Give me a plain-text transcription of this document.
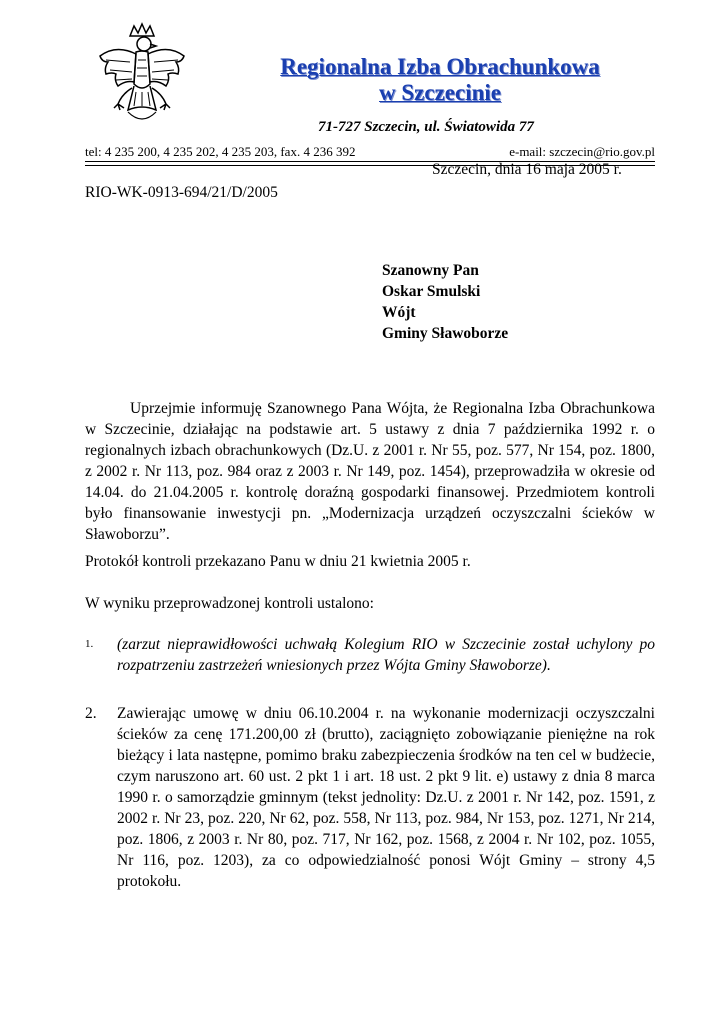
Regionalna Izba Obrachunkowa
w Szczecinie
71-727 Szczecin, ul. Światowida 77
tel: 4 235 200, 4 235 202, 4 235 203, fax. 4 236 392	e-mail: szczecin@rio.gov.pl
Szczecin, dnia 16 maja 2005 r.
RIO-WK-0913-694/21/D/2005
Szanowny Pan
Oskar Smulski
Wójt
Gminy Sławoborze
Uprzejmie informuję Szanownego Pana Wójta, że Regionalna Izba Obrachunkowa w Szczecinie, działając na podstawie art. 5 ustawy z dnia 7 października 1992 r. o regionalnych izbach obrachunkowych (Dz.U. z 2001 r. Nr 55, poz. 577, Nr 154, poz. 1800, z 2002 r. Nr 113, poz. 984 oraz z 2003 r. Nr 149, poz. 1454), przeprowadziła w okresie od 14.04. do 21.04.2005 r. kontrolę doraźną gospodarki finansowej. Przedmiotem kontroli było finansowanie inwestycji pn. „Modernizacja urządzeń oczyszczalni ścieków w Sławoborzu”.
Protokół kontroli przekazano Panu w dniu 21 kwietnia 2005 r.
W wyniku przeprowadzonej kontroli ustalono:
1.	(zarzut nieprawidłowości uchwałą Kolegium RIO w Szczecinie został uchylony po rozpatrzeniu zastrzeżeń wniesionych przez Wójta Gminy Sławoborze).
2.	Zawierając umowę w dniu 06.10.2004 r. na wykonanie modernizacji oczyszczalni ścieków za cenę 171.200,00 zł (brutto), zaciągnięto zobowiązanie pieniężne na rok bieżący i lata następne, pomimo braku zabezpieczenia środków na ten cel w budżecie, czym naruszono art. 60 ust. 2 pkt 1 i art. 18 ust. 2 pkt 9 lit. e) ustawy z dnia 8 marca 1990 r. o samorządzie gminnym (tekst jednolity: Dz.U. z 2001 r. Nr 142, poz. 1591, z 2002 r. Nr 23, poz. 220, Nr 62, poz. 558, Nr 113, poz. 984, Nr 153, poz. 1271, Nr 214, poz. 1806, z 2003 r. Nr 80, poz. 717, Nr 162, poz. 1568, z 2004 r. Nr 102, poz. 1055, Nr 116, poz. 1203), za co odpowiedzialność ponosi Wójt Gminy – strony 4,5 protokołu.
